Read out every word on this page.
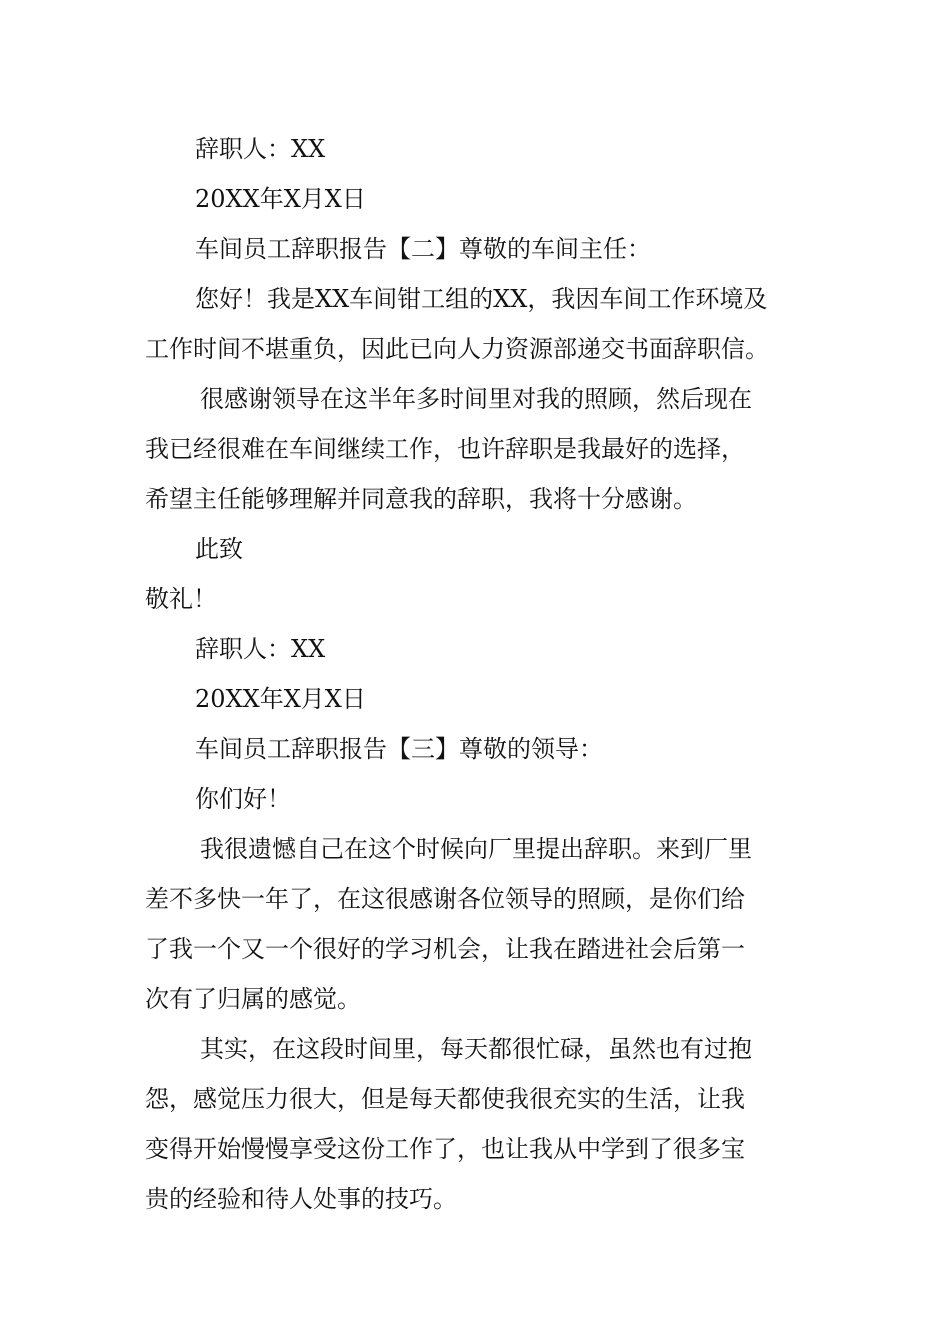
辞职人：XX
20XX年X月X日
车间员工辞职报告【二】尊敬的车间主任：
您好！我是XX车间钳工组的XX，我因车间工作环境及
工作时间不堪重负，因此已向人力资源部递交书面辞职信。
很感谢领导在这半年多时间里对我的照顾，然后现在
我已经很难在车间继续工作，也许辞职是我最好的选择，
希望主任能够理解并同意我的辞职，我将十分感谢。
此致
敬礼！
辞职人：XX
20XX年X月X日
车间员工辞职报告【三】尊敬的领导：
你们好！
我很遗憾自己在这个时候向厂里提出辞职。来到厂里
差不多快一年了，在这很感谢各位领导的照顾，是你们给
了我一个又一个很好的学习机会，让我在踏进社会后第一
次有了归属的感觉。
其实，在这段时间里，每天都很忙碌，虽然也有过抱
怨，感觉压力很大，但是每天都使我很充实的生活，让我
变得开始慢慢享受这份工作了，也让我从中学到了很多宝
贵的经验和待人处事的技巧。
